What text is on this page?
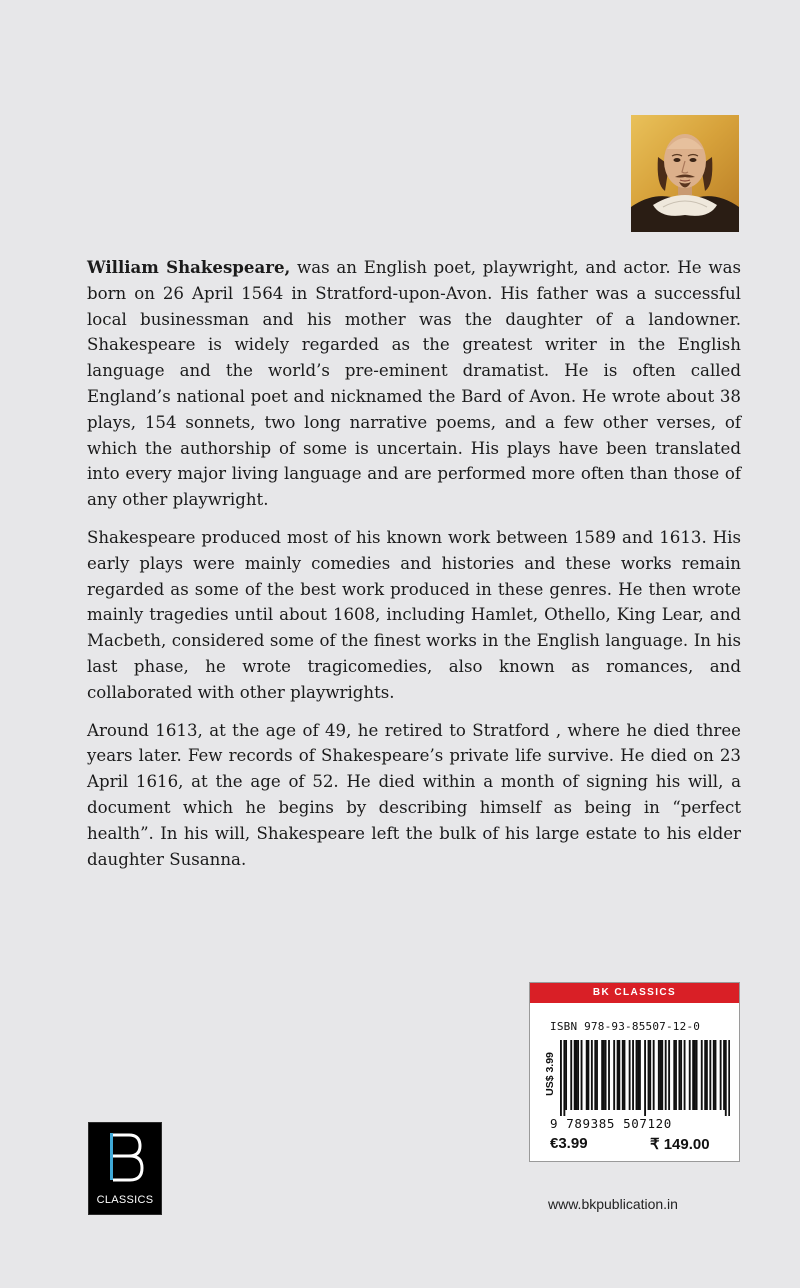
William Shakespeare, was an English poet, playwright, and actor. He was born on 26 April 1564 in Stratford-upon-Avon. His father was a successful local businessman and his mother was the daughter of a landowner. Shakespeare is widely regarded as the greatest writer in the English language and the world’s pre-eminent dramatist. He is often called England’s national poet and nicknamed the Bard of Avon. He wrote about 38 plays, 154 sonnets, two long narrative poems, and a few other verses, of which the authorship of some is uncertain. His plays have been translated into every major living language and are performed more often than those of any other playwright.

Shakespeare produced most of his known work between 1589 and 1613. His early plays were mainly comedies and histories and these works remain regarded as some of the best work produced in these genres. He then wrote mainly tragedies until about 1608, including Hamlet, Othello, King Lear, and Macbeth, considered some of the finest works in the English language. In his last phase, he wrote tragicomedies, also known as romances, and collaborated with other playwrights.

Around 1613, at the age of 49, he retired to Stratford , where he died three years later. Few records of Shakespeare’s private life survive. He died on 23 April 1616, at the age of 52. He died within a month of signing his will, a document which he begins by describing himself as being in “perfect health”. In his will, Shakespeare left the bulk of his large estate to his elder daughter Susanna.

CLASSICS
BK CLASSICS
ISBN 978-93-85507-12-0
US$ 3.99
9 789385 507120
€3.99	₹ 149.00
www.bkpublication.in
